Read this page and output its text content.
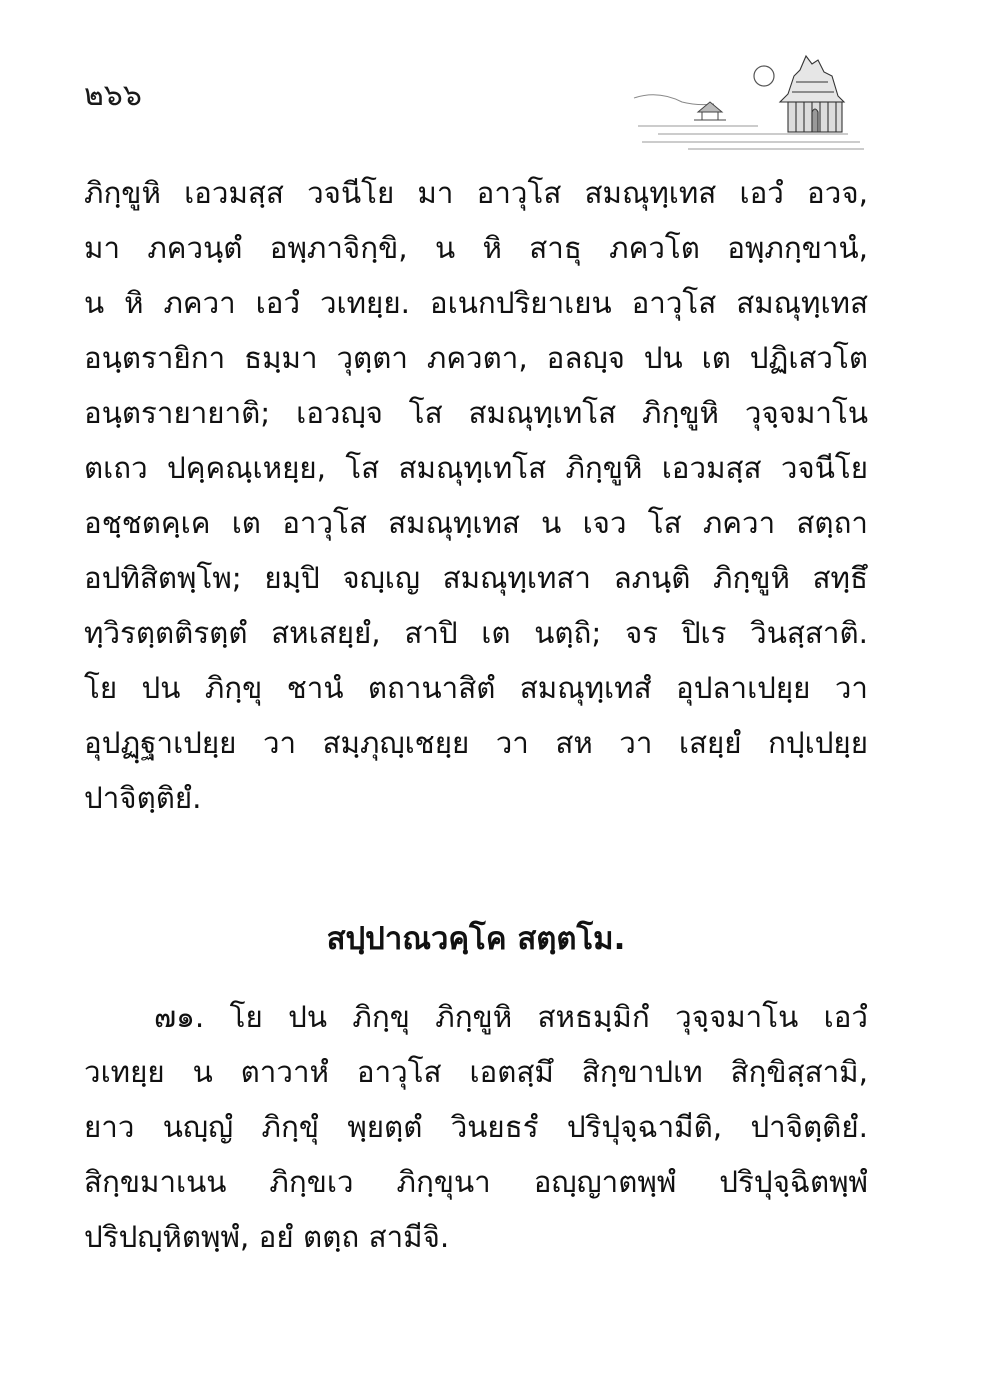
๒๖๖
ภิกฺขูหิ เอวมสฺส วจนีโย มา อาวุโส สมณุทฺเทส เอวํ อวจ,
มา ภควนฺตํ อพฺภาจิกฺขิ, น หิ สาธุ ภควโต อพฺภกฺขานํ,
น หิ ภควา เอวํ วเทยฺย. อเนกปริยาเยน อาวุโส สมณุทฺเทส
อนฺตรายิกา ธมฺมา วุตฺตา ภควตา, อลญฺจ ปน เต ปฏิเสวโต
อนฺตรายายาติ; เอวญฺจ โส สมณุทฺเทโส ภิกฺขูหิ วุจฺจมาโน
ตเถว ปคฺคณฺเหยฺย, โส สมณุทฺเทโส ภิกฺขูหิ เอวมสฺส วจนีโย
อชฺชตคฺเค เต อาวุโส สมณุทฺเทส น เจว โส ภควา สตฺถา
อปทิสิตพฺโพ; ยมฺปิ จญฺเญ สมณุทฺเทสา ลภนฺติ ภิกฺขูหิ สทฺธึ
ทฺวิรตฺตติรตฺตํ สหเสยฺยํ, สาปิ เต นตฺถิ; จร ปิเร วินสฺสาติ.
โย ปน ภิกฺขุ ชานํ ตถานาสิตํ สมณุทฺเทสํ อุปลาเปยฺย วา
อุปฏฺฐาเปยฺย วา สมฺภุญฺเชยฺย วา สห วา เสยฺยํ กปฺเปยฺย
ปาจิตฺติยํ.
สปฺปาณวคฺโค สตฺตโม.
๗๑. โย ปน ภิกฺขุ ภิกฺขูหิ สหธมฺมิกํ วุจฺจมาโน เอวํ
วเทยฺย น ตาวาหํ อาวุโส เอตสฺมึ สิกฺขาปเท สิกฺขิสฺสามิ,
ยาว นญฺญํ ภิกฺขุํ พฺยตฺตํ วินยธรํ ปริปุจฺฉามีติ, ปาจิตฺติยํ.
สิกฺขมาเนน ภิกฺขเว ภิกฺขุนา อญฺญาตพฺพํ ปริปุจฺฉิตพฺพํ
ปริปญฺหิตพฺพํ, อยํ ตตฺถ สามีจิ.
